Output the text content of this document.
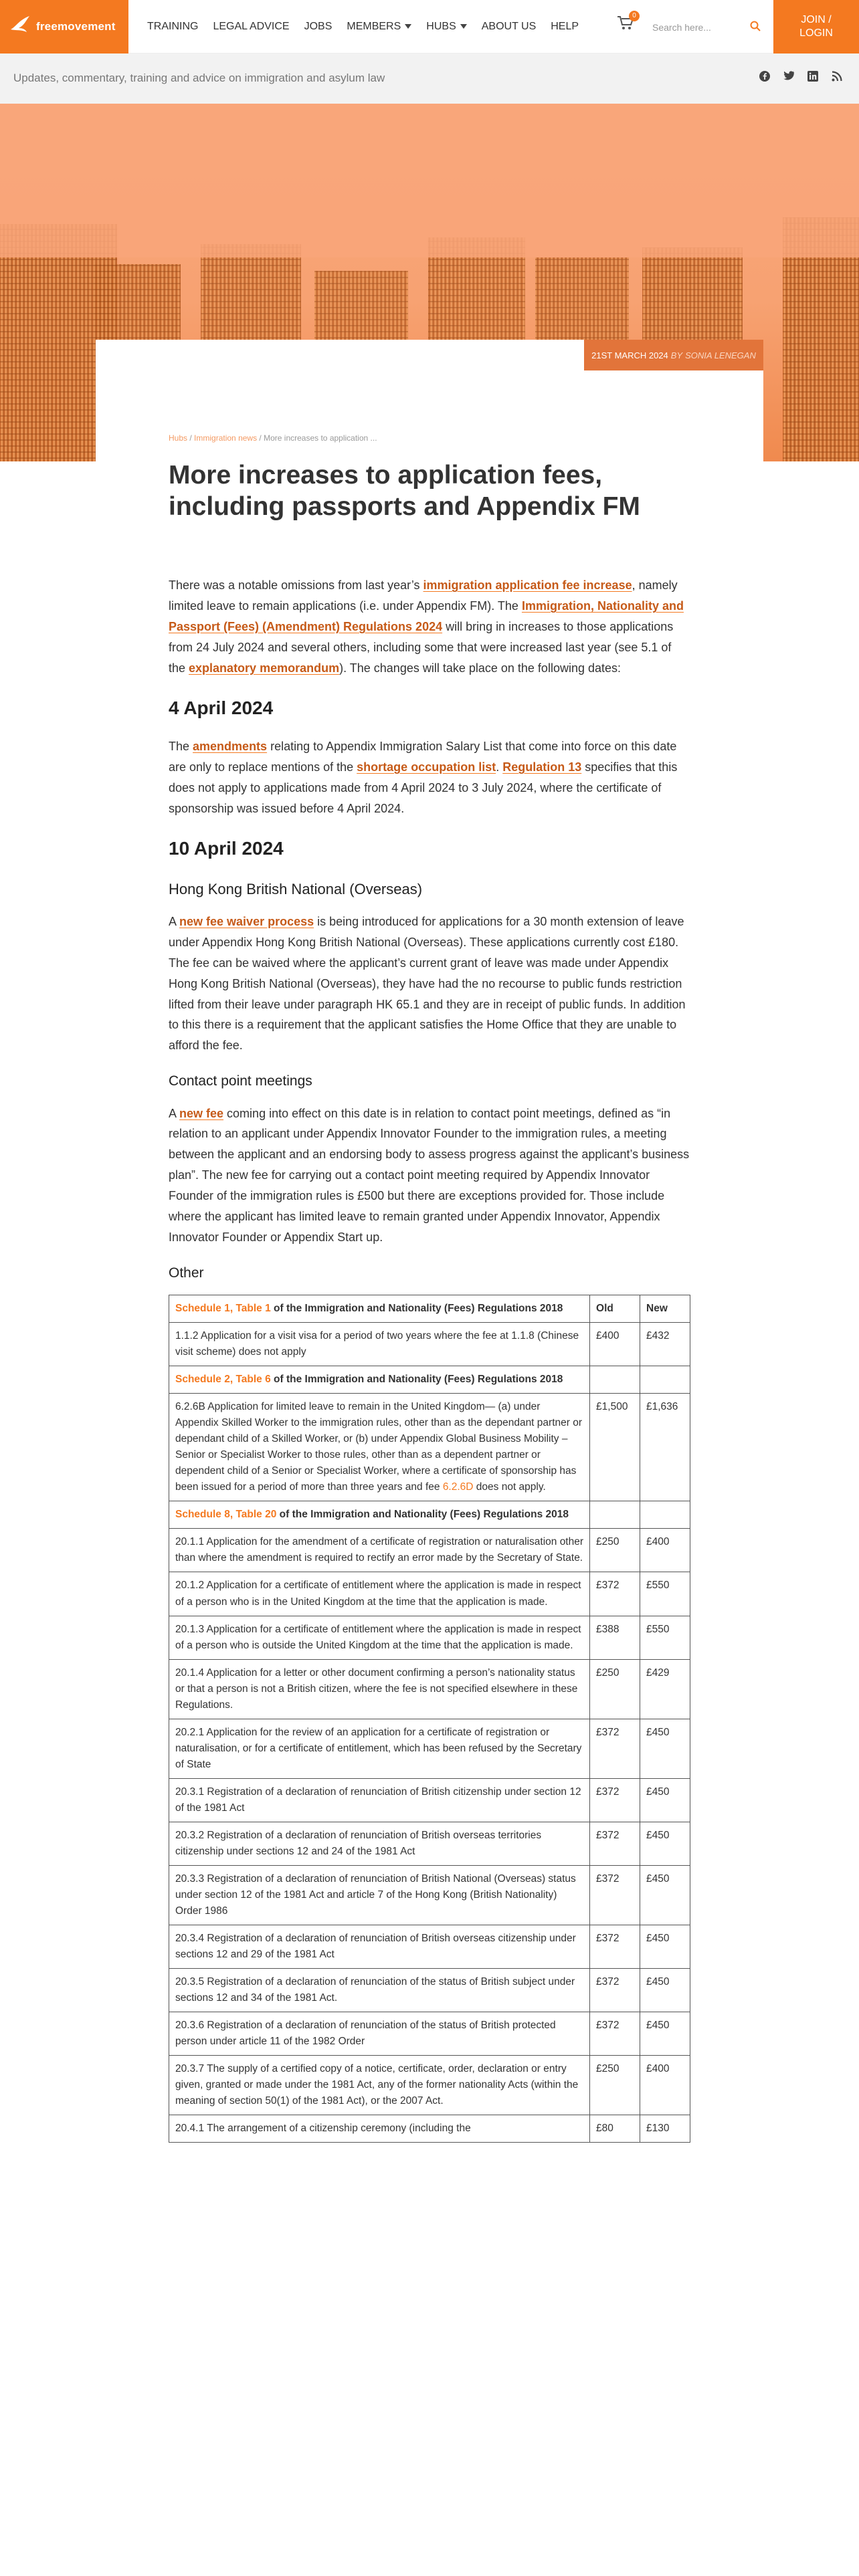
freemovement	TRAINING LEGAL ADVICE JOBS MEMBERS HUBS ABOUT US HELP
0
Search here...	JOIN /
LOGIN
Updates, commentary, training and advice on immigration and asylum law
21ST MARCH 2024 BY SONIA LENEGAN
Hubs / Immigration news / More increases to application ...
More increases to application fees, including passports and Appendix FM

There was a notable omissions from last year’s immigration application fee increase, namely limited leave to remain applications (i.e. under Appendix FM). The Immigration, Nationality and Passport (Fees) (Amendment) Regulations 2024 will bring in increases to those applications from 24 July 2024 and several others, including some that were increased last year (see 5.1 of the explanatory memorandum). The changes will take place on the following dates:

4 April 2024

The amendments relating to Appendix Immigration Salary List that come into force on this date are only to replace mentions of the shortage occupation list. Regulation 13 specifies that this does not apply to applications made from 4 April 2024 to 3 July 2024, where the certificate of sponsorship was issued before 4 April 2024.

10 April 2024
Hong Kong British National (Overseas)

A new fee waiver process is being introduced for applications for a 30 month extension of leave under Appendix Hong Kong British National (Overseas). These applications currently cost £180. The fee can be waived where the applicant’s current grant of leave was made under Appendix Hong Kong British National (Overseas), they have had the no recourse to public funds restriction lifted from their leave under paragraph HK 65.1 and they are in receipt of public funds. In addition to this there is a requirement that the applicant satisfies the Home Office that they are unable to afford the fee.

Contact point meetings

A new fee coming into effect on this date is in relation to contact point meetings, defined as “in relation to an applicant under Appendix Innovator Founder to the immigration rules, a meeting between the applicant and an endorsing body to assess progress against the applicant’s business plan”. The new fee for carrying out a contact point meeting required by Appendix Innovator Founder of the immigration rules is £500 but there are exceptions provided for. Those include where the applicant has limited leave to remain granted under Appendix Innovator, Appendix Innovator Founder or Appendix Start up.

Other
Schedule 1, Table 1 of the Immigration and Nationality (Fees) Regulations 2018	Old	New
1.1.2 Application for a visit visa for a period of two years where the fee at 1.1.8 (Chinese visit scheme) does not apply	£400	£432
Schedule 2, Table 6 of the Immigration and Nationality (Fees) Regulations 2018		
6.2.6B Application for limited leave to remain in the United Kingdom— (a) under Appendix Skilled Worker to the immigration rules, other than as the dependant partner or dependant child of a Skilled Worker, or (b) under Appendix Global Business Mobility – Senior or Specialist Worker to those rules, other than as a dependent partner or dependent child of a Senior or Specialist Worker, where a certificate of sponsorship has been issued for a period of more than three years and fee 6.2.6D does not apply.	£1,500	£1,636
Schedule 8, Table 20 of the Immigration and Nationality (Fees) Regulations 2018		
20.1.1 Application for the amendment of a certificate of registration or naturalisation other than where the amendment is required to rectify an error made by the Secretary of State.	£250	£400
20.1.2 Application for a certificate of entitlement where the application is made in respect of a person who is in the United Kingdom at the time that the application is made.	£372	£550
20.1.3 Application for a certificate of entitlement where the application is made in respect of a person who is outside the United Kingdom at the time that the application is made.	£388	£550
20.1.4 Application for a letter or other document confirming a person’s nationality status or that a person is not a British citizen, where the fee is not specified elsewhere in these Regulations.	£250	£429
20.2.1 Application for the review of an application for a certificate of registration or naturalisation, or for a certificate of entitlement, which has been refused by the Secretary of State	£372	£450
20.3.1 Registration of a declaration of renunciation of British citizenship under section 12 of the 1981 Act	£372	£450
20.3.2 Registration of a declaration of renunciation of British overseas territories citizenship under sections 12 and 24 of the 1981 Act	£372	£450
20.3.3 Registration of a declaration of renunciation of British National (Overseas) status under section 12 of the 1981 Act and article 7 of the Hong Kong (British Nationality) Order 1986	£372	£450
20.3.4 Registration of a declaration of renunciation of British overseas citizenship under sections 12 and 29 of the 1981 Act	£372	£450
20.3.5 Registration of a declaration of renunciation of the status of British subject under sections 12 and 34 of the 1981 Act.	£372	£450
20.3.6 Registration of a declaration of renunciation of the status of British protected person under article 11 of the 1982 Order	£372	£450
20.3.7 The supply of a certified copy of a notice, certificate, order, declaration or entry given, granted or made under the 1981 Act, any of the former nationality Acts (within the meaning of section 50(1) of the 1981 Act), or the 2007 Act.	£250	£400
20.4.1 The arrangement of a citizenship ceremony (including the	£80	£130
